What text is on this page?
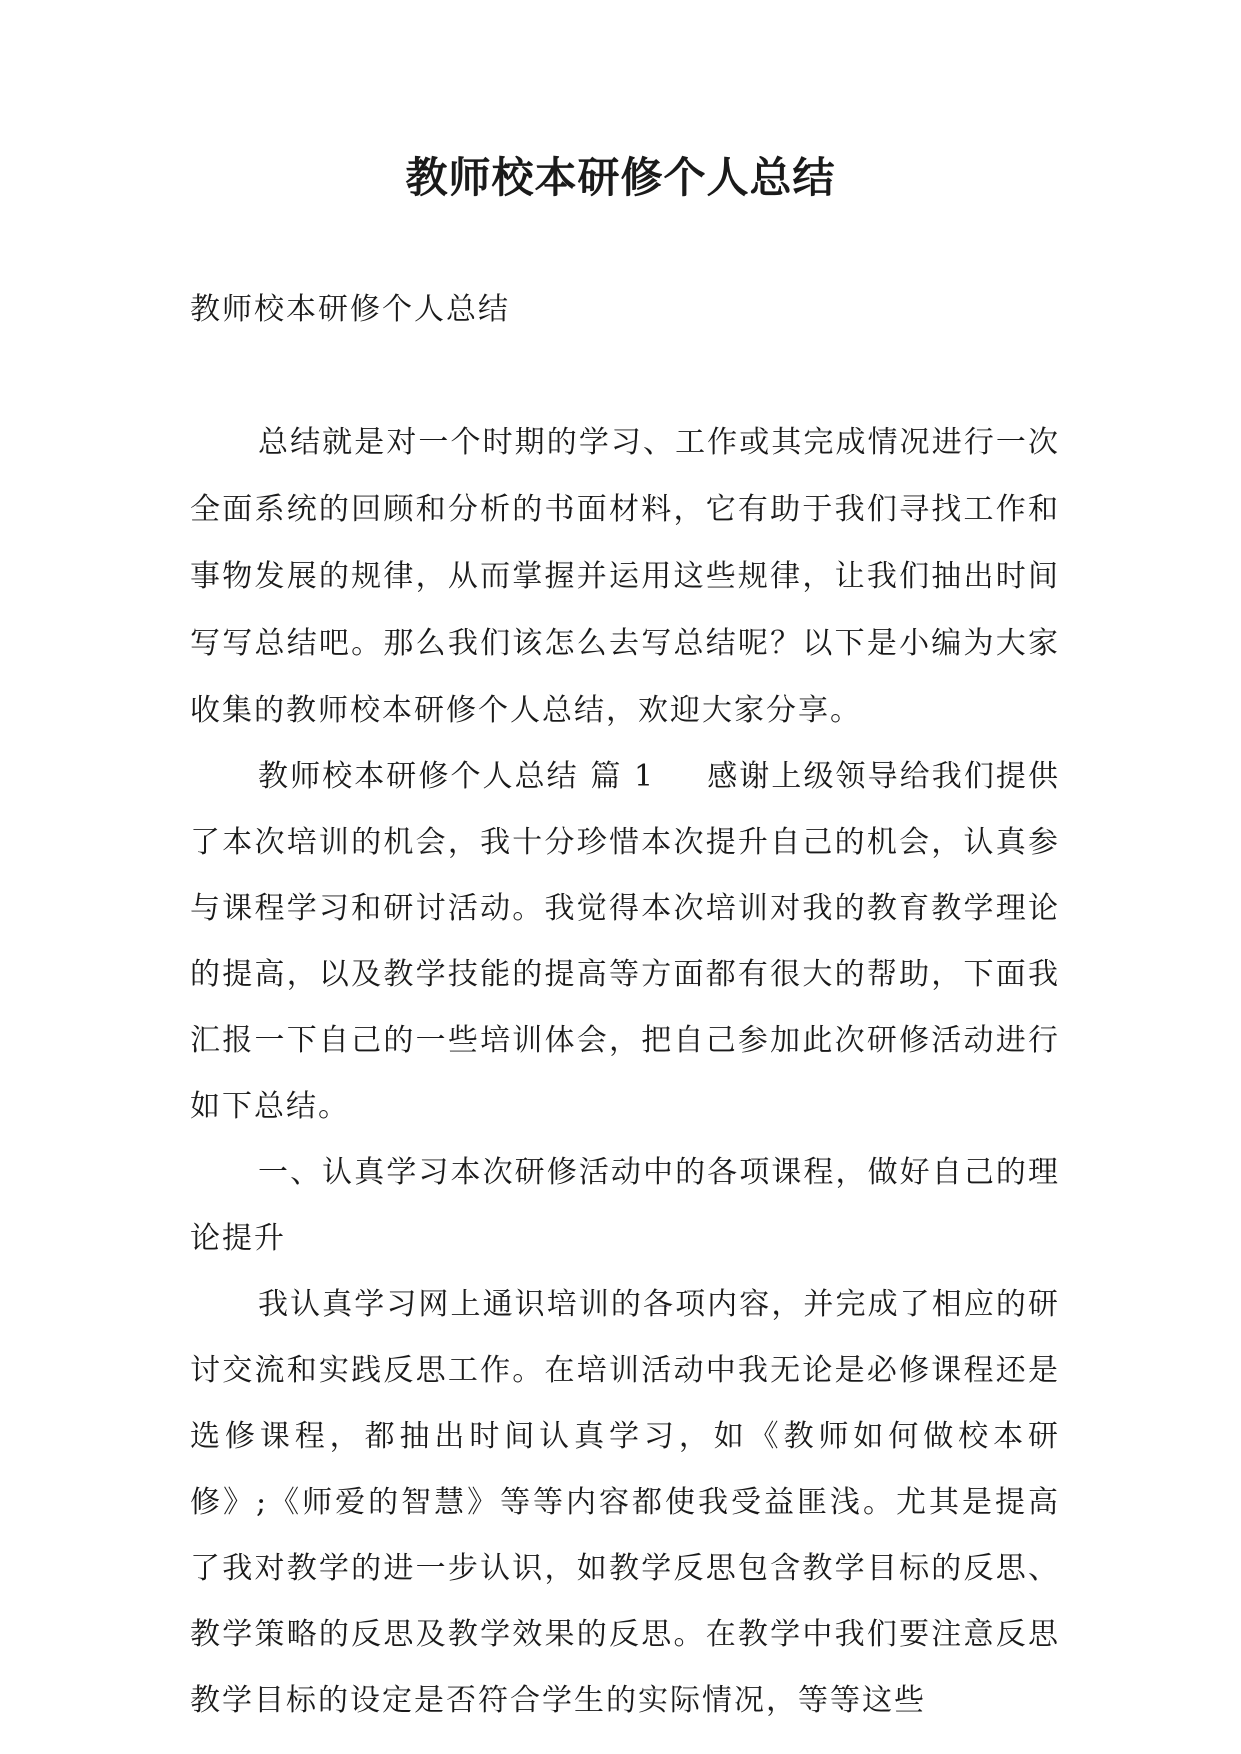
教师校本研修个人总结
教师校本研修个人总结

总结就是对一个时期的学习、工作或其完成情况进行一次全面系统的回顾和分析的书面材料，它有助于我们寻找工作和事物发展的规律，从而掌握并运用这些规律，让我们抽出时间写写总结吧。那么我们该怎么去写总结呢？以下是小编为大家收集的教师校本研修个人总结，欢迎大家分享。

教师校本研修个人总结 篇 1 感谢上级领导给我们提供了本次培训的机会，我十分珍惜本次提升自己的机会，认真参与课程学习和研讨活动。我觉得本次培训对我的教育教学理论的提高，以及教学技能的提高等方面都有很大的帮助，下面我汇报一下自己的一些培训体会，把自己参加此次研修活动进行如下总结。

一、认真学习本次研修活动中的各项课程，做好自己的理论提升

我认真学习网上通识培训的各项内容，并完成了相应的研讨交流和实践反思工作。在培训活动中我无论是必修课程还是选修课程，都抽出时间认真学习，如《教师如何做校本研修》;《师爱的智慧》等等内容都使我受益匪浅。尤其是提高了我对教学的进一步认识，如教学反思包含教学目标的反思、教学策略的反思及教学效果的反思。在教学中我们要注意反思教学目标的设定是否符合学生的实际情况，等等这些
